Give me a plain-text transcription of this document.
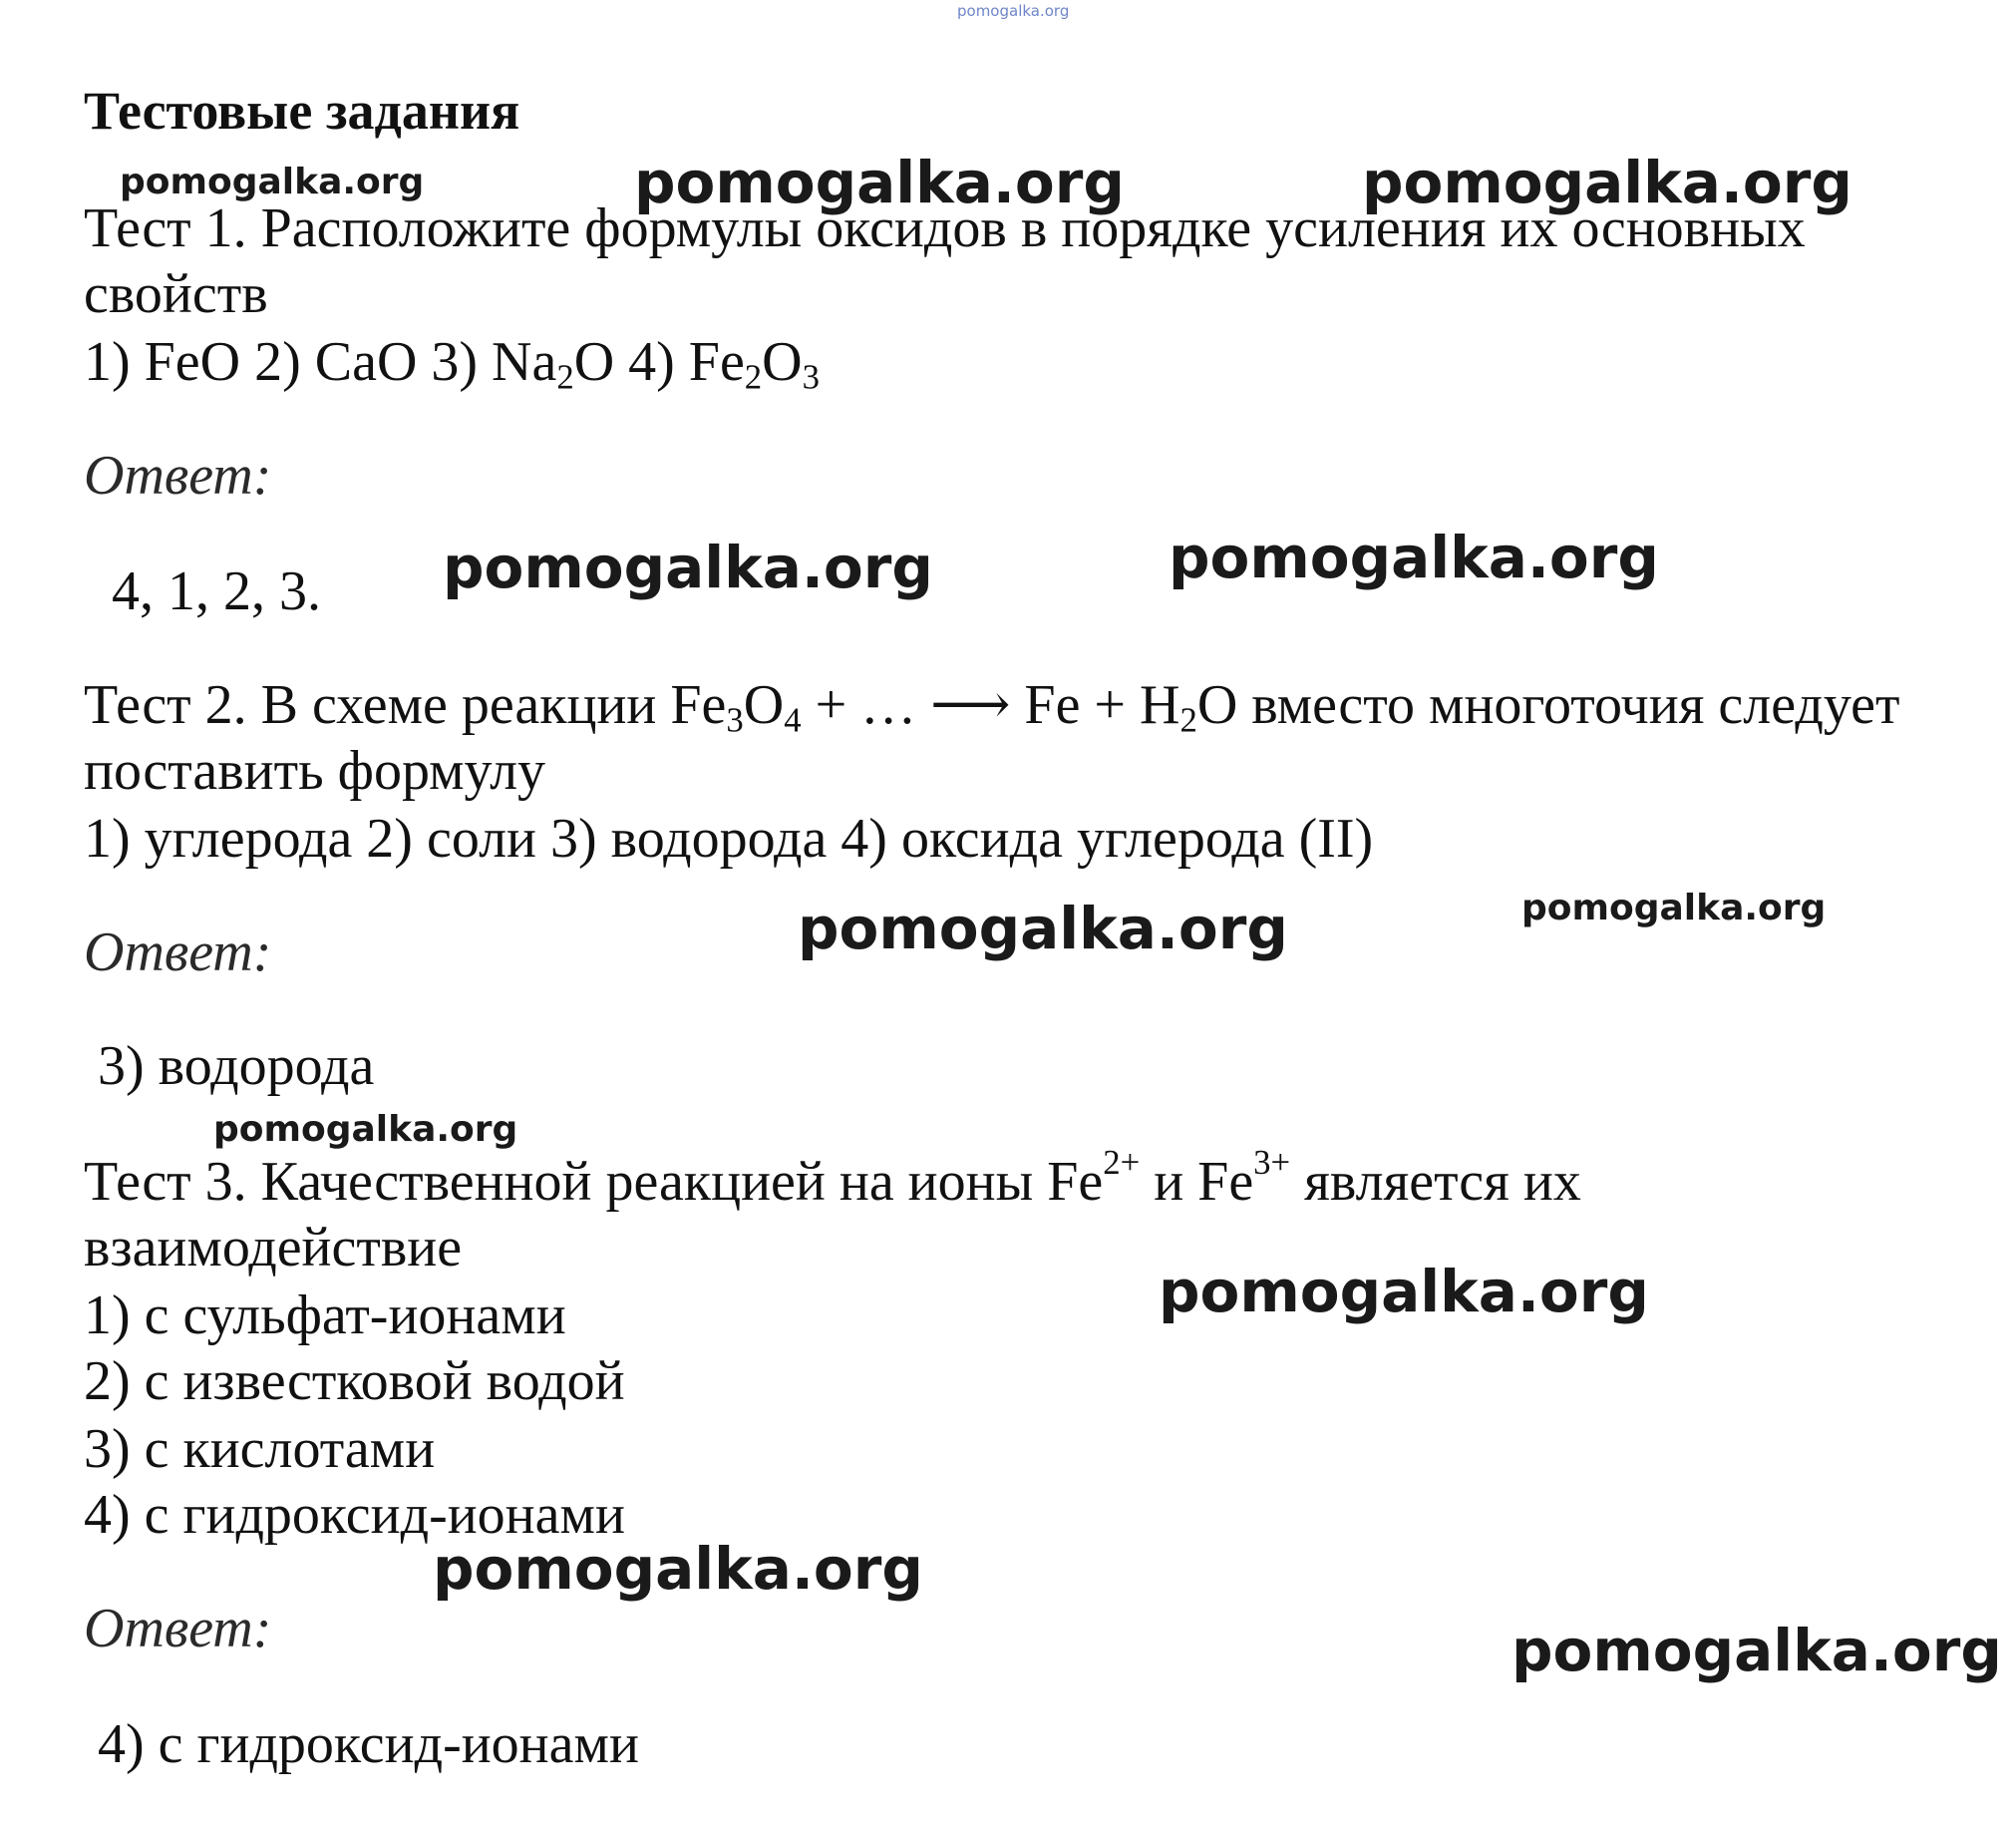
pomogalka.org
Тестовые задания
pomogalka.org	pomogalka.org	pomogalka.org
Тест 1. Расположите формулы оксидов в порядке усиления их основных
свойств
1) FeO 2) CaO 3) $Na_2O$ 4) $Fe_2O_3$
Ответ:
4, 1, 2, 3. pomogalka.org	pomogalka.org
Тест 2. В схеме реакции $Fe_3O_4$ + … ⟶ $Fe + H_2O$ вместо многоточия следует
поставить формулу
1) углерода 2) соли 3) водорода 4) оксида углерода (II)
Ответ:	pomogalka.org	pomogalka.org
3) водорода
pomogalka.org
Тест 3. Качественной реакцией на ионы $Fe^{2+}$ и $Fe^{3+}$ является их
взаимодействие
pomogalka.org
1) с сульфат-ионами
2) с известковой водой
3) с кислотами
4) с гидроксид-ионами
pomogalka.org
Ответ:	pomogalka.org
4) с гидроксид-ионами
